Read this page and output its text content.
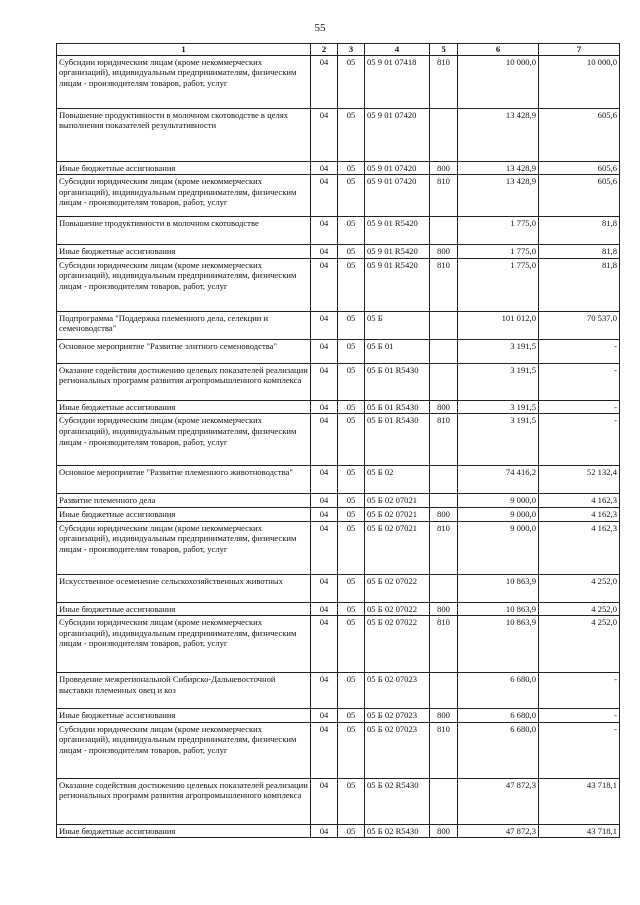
55
1	2	3	4	5	6	7
Субсидии юридическим лицам (кроме некоммерческих организаций), индивидуальным предпринимателям, физическим лицам - производителям товаров, работ, услуг	04	05	05 9 01 07418	810	10 000,0	10 000,0
Повышение продуктивности в молочном скотоводстве в целях выполнения показателей результативности	04	05	05 9 01 07420		13 428,9	605,6
Иные бюджетные ассигнования	04	05	05 9 01 07420	800	13 428,9	605,6
Субсидии юридическим лицам (кроме некоммерческих организаций), индивидуальным предпринимателям, физическим лицам - производителям товаров, работ, услуг	04	05	05 9 01 07420	810	13 428,9	605,6
Повышение продуктивности в молочном скотоводстве	04	05	05 9 01 R5420		1 775,0	81,8
Иные бюджетные ассигнования	04	05	05 9 01 R5420	800	1 775,0	81,8
Субсидии юридическим лицам (кроме некоммерческих организаций), индивидуальным предпринимателям, физическим лицам - производителям товаров, работ, услуг	04	05	05 9 01 R5420	810	1 775,0	81,8
Подпрограмма "Поддержка племенного дела, селекции и семеноводства"	04	05	05 Б		101 012,0	70 537,0
Основное мероприятие "Развитие элитного семеноводства"	04	05	05 Б 01		3 191,5	-
Оказание содействия достижению целевых показателей реализации региональных программ развития агропромышленного комплекса	04	05	05 Б 01 R5430		3 191,5	-
Иные бюджетные ассигнования	04	05	05 Б 01 R5430	800	3 191,5	-
Субсидии юридическим лицам (кроме некоммерческих организаций), индивидуальным предпринимателям, физическим лицам - производителям товаров, работ, услуг	04	05	05 Б 01 R5430	810	3 191,5	-
Основное мероприятие "Развитие племенного животноводства"	04	05	05 Б 02		74 416,2	52 132,4
Развитие племенного дела	04	05	05 Б 02 07021		9 000,0	4 162,3
Иные бюджетные ассигнования	04	05	05 Б 02 07021	800	9 000,0	4 162,3
Субсидии юридическим лицам (кроме некоммерческих организаций), индивидуальным предпринимателям, физическим лицам - производителям товаров, работ, услуг	04	05	05 Б 02 07021	810	9 000,0	4 162,3
Искусственное осеменение сельскохозяйственных животных	04	05	05 Б 02 07022		10 863,9	4 252,0
Иные бюджетные ассигнования	04	05	05 Б 02 07022	800	10 863,9	4 252,0
Субсидии юридическим лицам (кроме некоммерческих организаций), индивидуальным предпринимателям, физическим лицам - производителям товаров, работ, услуг	04	05	05 Б 02 07022	810	10 863,9	4 252,0
Проведение межрегиональной Сибирско-Дальневосточной выставки племенных овец и коз	04	05	05 Б 02 07023		6 680,0	-
Иные бюджетные ассигнования	04	05	05 Б 02 07023	800	6 680,0	-
Субсидии юридическим лицам (кроме некоммерческих организаций), индивидуальным предпринимателям, физическим лицам - производителям товаров, работ, услуг	04	05	05 Б 02 07023	810	6 680,0	-
Оказание содействия достижению целевых показателей реализации региональных программ развития агропромышленного комплекса	04	05	05 Б 02 R5430		47 872,3	43 718,1
Иные бюджетные ассигнования	04	05	05 Б 02 R5430	800	47 872,3	43 718,1
